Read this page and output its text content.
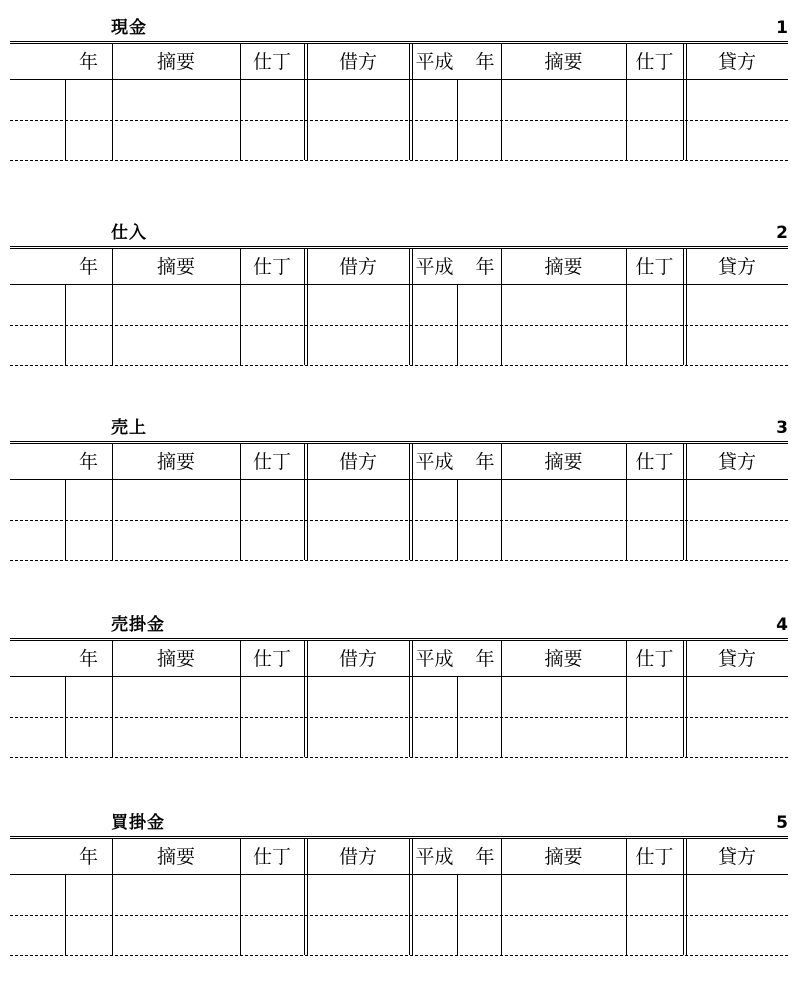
現金	1
年	摘要	仕丁	借方	平成 年	摘要	仕丁	貸方
仕入	2
年	摘要	仕丁	借方	平成 年	摘要	仕丁	貸方
売上	3
年	摘要	仕丁	借方	平成 年	摘要	仕丁	貸方
売掛金	4
年	摘要	仕丁	借方	平成 年	摘要	仕丁	貸方
買掛金	5
年	摘要	仕丁	借方	平成 年	摘要	仕丁	貸方
